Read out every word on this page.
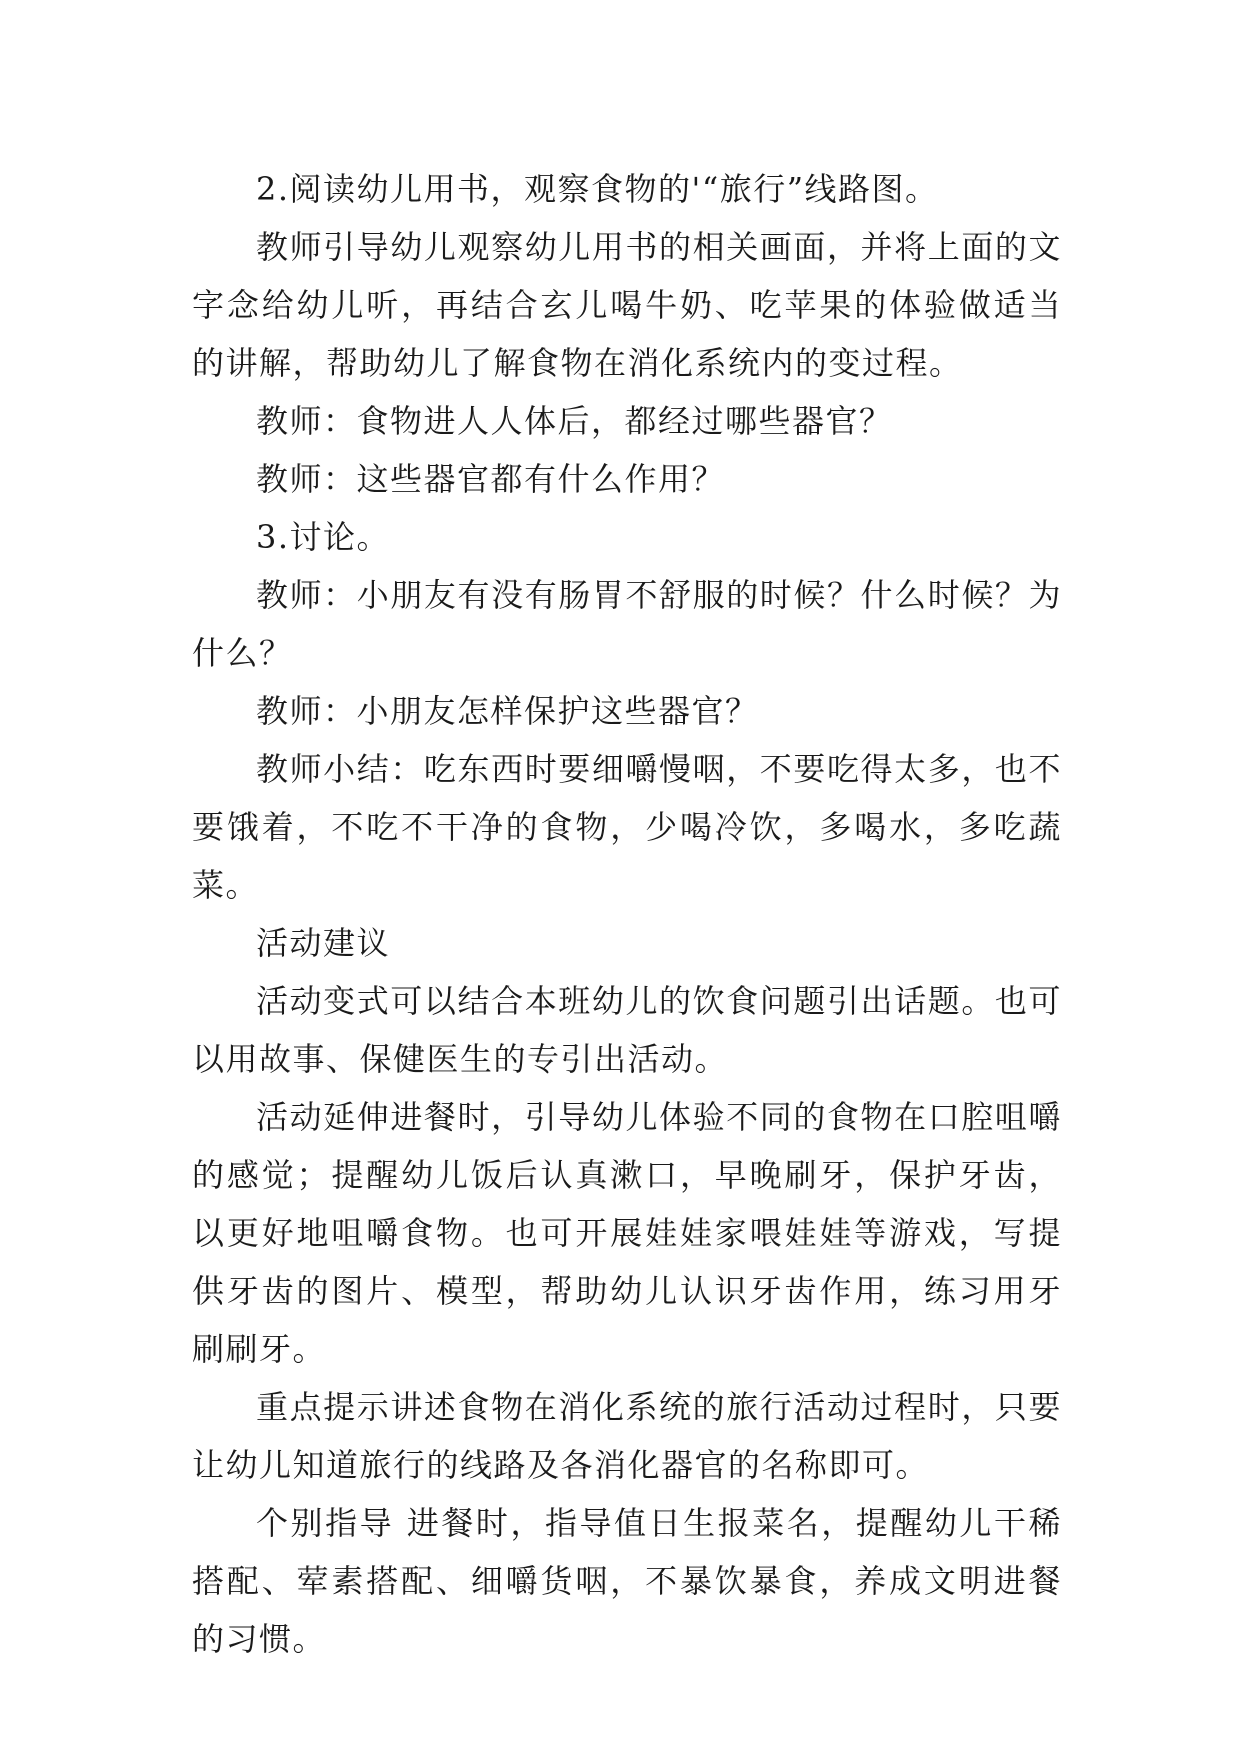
2.阅读幼儿用书，观察食物的'“旅行”线路图。

教师引导幼儿观察幼儿用书的相关画面，并将上面的文字念给幼儿听，再结合玄儿喝牛奶、吃苹果的体验做适当的讲解，帮助幼儿了解食物在消化系统内的变过程。

教师：食物进人人体后，都经过哪些器官？

教师：这些器官都有什么作用？

3.讨论。

教师：小朋友有没有肠胃不舒服的时候？什么时候？为什么？

教师：小朋友怎样保护这些器官？

教师小结：吃东西时要细嚼慢咽，不要吃得太多，也不要饿着，不吃不干净的食物，少喝冷饮，多喝水，多吃蔬菜。

活动建议

活动变式可以结合本班幼儿的饮食问题引出话题。也可以用故事、保健医生的专引出活动。

活动延伸进餐时，引导幼儿体验不同的食物在口腔咀嚼的感觉；提醒幼儿饭后认真漱口，早晚刷牙，保护牙齿，以更好地咀嚼食物。也可开展娃娃家喂娃娃等游戏，写提供牙齿的图片、模型，帮助幼儿认识牙齿作用，练习用牙刷刷牙。

重点提示讲述食物在消化系统的旅行活动过程时，只要让幼儿知道旅行的线路及各消化器官的名称即可。

个别指导 进餐时，指导值日生报菜名，提醒幼儿干稀搭配、荤素搭配、细嚼货咽，不暴饮暴食，养成文明进餐的习惯。
